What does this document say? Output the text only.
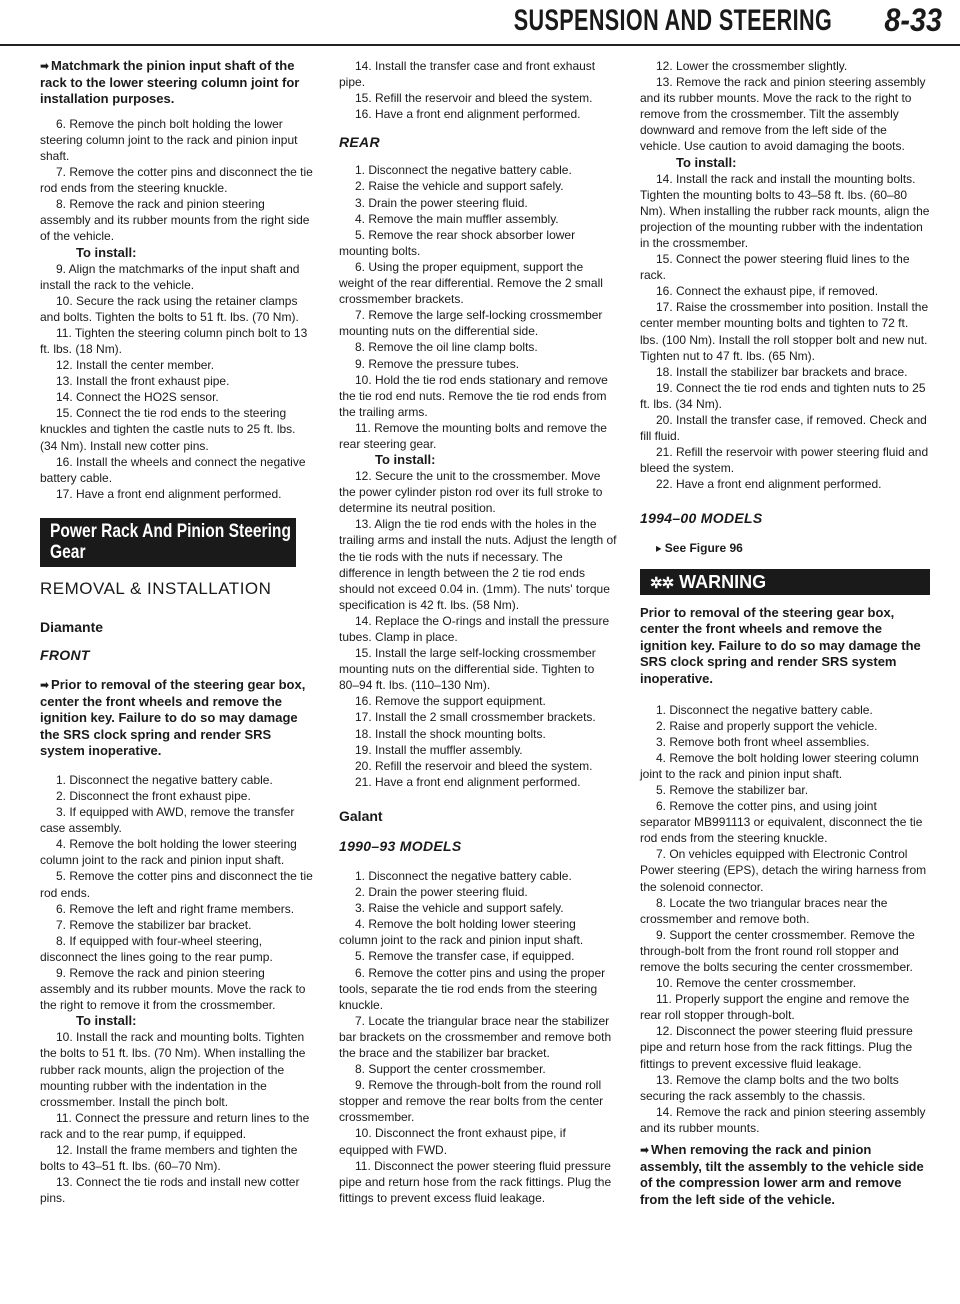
SUSPENSION AND STEERING 8-33

➡ Matchmark the pinion input shaft of the rack to the lower steering column joint for installation purposes.

6. Remove the pinch bolt holding the lower steering column joint to the rack and pinion input shaft.

7. Remove the cotter pins and disconnect the tie rod ends from the steering knuckle.

8. Remove the rack and pinion steering assembly and its rubber mounts from the right side of the vehicle.

To install:

9. Align the matchmarks of the input shaft and install the rack to the vehicle.

10. Secure the rack using the retainer clamps and bolts. Tighten the bolts to 51 ft. lbs. (70 Nm).

11. Tighten the steering column pinch bolt to 13 ft. lbs. (18 Nm).

12. Install the center member.

13. Install the front exhaust pipe.

14. Connect the HO2S sensor.

15. Connect the tie rod ends to the steering knuckles and tighten the castle nuts to 25 ft. lbs. (34 Nm). Install new cotter pins.

16. Install the wheels and connect the negative battery cable.

17. Have a front end alignment performed.

Power Rack And Pinion Steering
Gear
REMOVAL & INSTALLATION
Diamante
FRONT

➡ Prior to removal of the steering gear box, center the front wheels and remove the ignition key. Failure to do so may damage the SRS clock spring and render SRS system inoperative.

1. Disconnect the negative battery cable.

2. Disconnect the front exhaust pipe.

3. If equipped with AWD, remove the transfer case assembly.

4. Remove the bolt holding the lower steering column joint to the rack and pinion input shaft.

5. Remove the cotter pins and disconnect the tie rod ends.

6. Remove the left and right frame members.

7. Remove the stabilizer bar bracket.

8. If equipped with four-wheel steering, disconnect the lines going to the rear pump.

9. Remove the rack and pinion steering assembly and its rubber mounts. Move the rack to the right to remove it from the crossmember.

To install:

10. Install the rack and mounting bolts. Tighten the bolts to 51 ft. lbs. (70 Nm). When installing the rubber rack mounts, align the projection of the mounting rubber with the indentation in the crossmember. Install the pinch bolt.

11. Connect the pressure and return lines to the rack and to the rear pump, if equipped.

12. Install the frame members and tighten the bolts to 43–51 ft. lbs. (60–70 Nm).

13. Connect the tie rods and install new cotter pins.

14. Install the transfer case and front exhaust pipe.

15. Refill the reservoir and bleed the system.

16. Have a front end alignment performed.

REAR

1. Disconnect the negative battery cable.

2. Raise the vehicle and support safely.

3. Drain the power steering fluid.

4. Remove the main muffler assembly.

5. Remove the rear shock absorber lower mounting bolts.

6. Using the proper equipment, support the weight of the rear differential. Remove the 2 small crossmember brackets.

7. Remove the large self-locking crossmember mounting nuts on the differential side.

8. Remove the oil line clamp bolts.

9. Remove the pressure tubes.

10. Hold the tie rod ends stationary and remove the tie rod end nuts. Remove the tie rod ends from the trailing arms.

11. Remove the mounting bolts and remove the rear steering gear.

To install:

12. Secure the unit to the crossmember. Move the power cylinder piston rod over its full stroke to determine its neutral position.

13. Align the tie rod ends with the holes in the trailing arms and install the nuts. Adjust the length of the tie rods with the nuts if necessary. The difference in length between the 2 tie rod ends should not exceed 0.04 in. (1mm). The nuts' torque specification is 42 ft. lbs. (58 Nm).

14. Replace the O-rings and install the pressure tubes. Clamp in place.

15. Install the large self-locking crossmember mounting nuts on the differential side. Tighten to 80–94 ft. lbs. (110–130 Nm).

16. Remove the support equipment.

17. Install the 2 small crossmember brackets.

18. Install the shock mounting bolts.

19. Install the muffler assembly.

20. Refill the reservoir and bleed the system.

21. Have a front end alignment performed.

Galant
1990–93 MODELS

1. Disconnect the negative battery cable.

2. Drain the power steering fluid.

3. Raise the vehicle and support safely.

4. Remove the bolt holding lower steering column joint to the rack and pinion input shaft.

5. Remove the transfer case, if equipped.

6. Remove the cotter pins and using the proper tools, separate the tie rod ends from the steering knuckle.

7. Locate the triangular brace near the stabilizer bar brackets on the crossmember and remove both the brace and the stabilizer bar bracket.

8. Support the center crossmember.

9. Remove the through-bolt from the round roll stopper and remove the rear bolts from the center crossmember.

10. Disconnect the front exhaust pipe, if equipped with FWD.

11. Disconnect the power steering fluid pressure pipe and return hose from the rack fittings. Plug the fittings to prevent excess fluid leakage.

12. Lower the crossmember slightly.

13. Remove the rack and pinion steering assembly and its rubber mounts. Move the rack to the right to remove from the crossmember. Tilt the assembly downward and remove from the left side of the vehicle. Use caution to avoid damaging the boots.

To install:

14. Install the rack and install the mounting bolts. Tighten the mounting bolts to 43–58 ft. lbs. (60–80 Nm). When installing the rubber rack mounts, align the projection of the mounting rubber with the indentation in the crossmember.

15. Connect the power steering fluid lines to the rack.

16. Connect the exhaust pipe, if removed.

17. Raise the crossmember into position. Install the center member mounting bolts and tighten to 72 ft. lbs. (100 Nm). Install the roll stopper bolt and new nut. Tighten nut to 47 ft. lbs. (65 Nm).

18. Install the stabilizer bar brackets and brace.

19. Connect the tie rod ends and tighten nuts to 25 ft. lbs. (34 Nm).

20. Install the transfer case, if removed. Check and fill fluid.

21. Refill the reservoir with power steering fluid and bleed the system.

22. Have a front end alignment performed.

1994–00 MODELS

▸ See Figure 96

✲✲ WARNING

Prior to removal of the steering gear box, center the front wheels and remove the ignition key. Failure to do so may damage the SRS clock spring and render SRS system inoperative.

1. Disconnect the negative battery cable.

2. Raise and properly support the vehicle.

3. Remove both front wheel assemblies.

4. Remove the bolt holding lower steering column joint to the rack and pinion input shaft.

5. Remove the stabilizer bar.

6. Remove the cotter pins, and using joint separator MB991113 or equivalent, disconnect the tie rod ends from the steering knuckle.

7. On vehicles equipped with Electronic Control Power steering (EPS), detach the wiring harness from the solenoid connector.

8. Locate the two triangular braces near the crossmember and remove both.

9. Support the center crossmember. Remove the through-bolt from the front round roll stopper and remove the bolts securing the center crossmember.

10. Remove the center crossmember.

11. Properly support the engine and remove the rear roll stopper through-bolt.

12. Disconnect the power steering fluid pressure pipe and return hose from the rack fittings. Plug the fittings to prevent excessive fluid leakage.

13. Remove the clamp bolts and the two bolts securing the rack assembly to the chassis.

14. Remove the rack and pinion steering assembly and its rubber mounts.

➡ When removing the rack and pinion assembly, tilt the assembly to the vehicle side of the compression lower arm and remove from the left side of the vehicle.
